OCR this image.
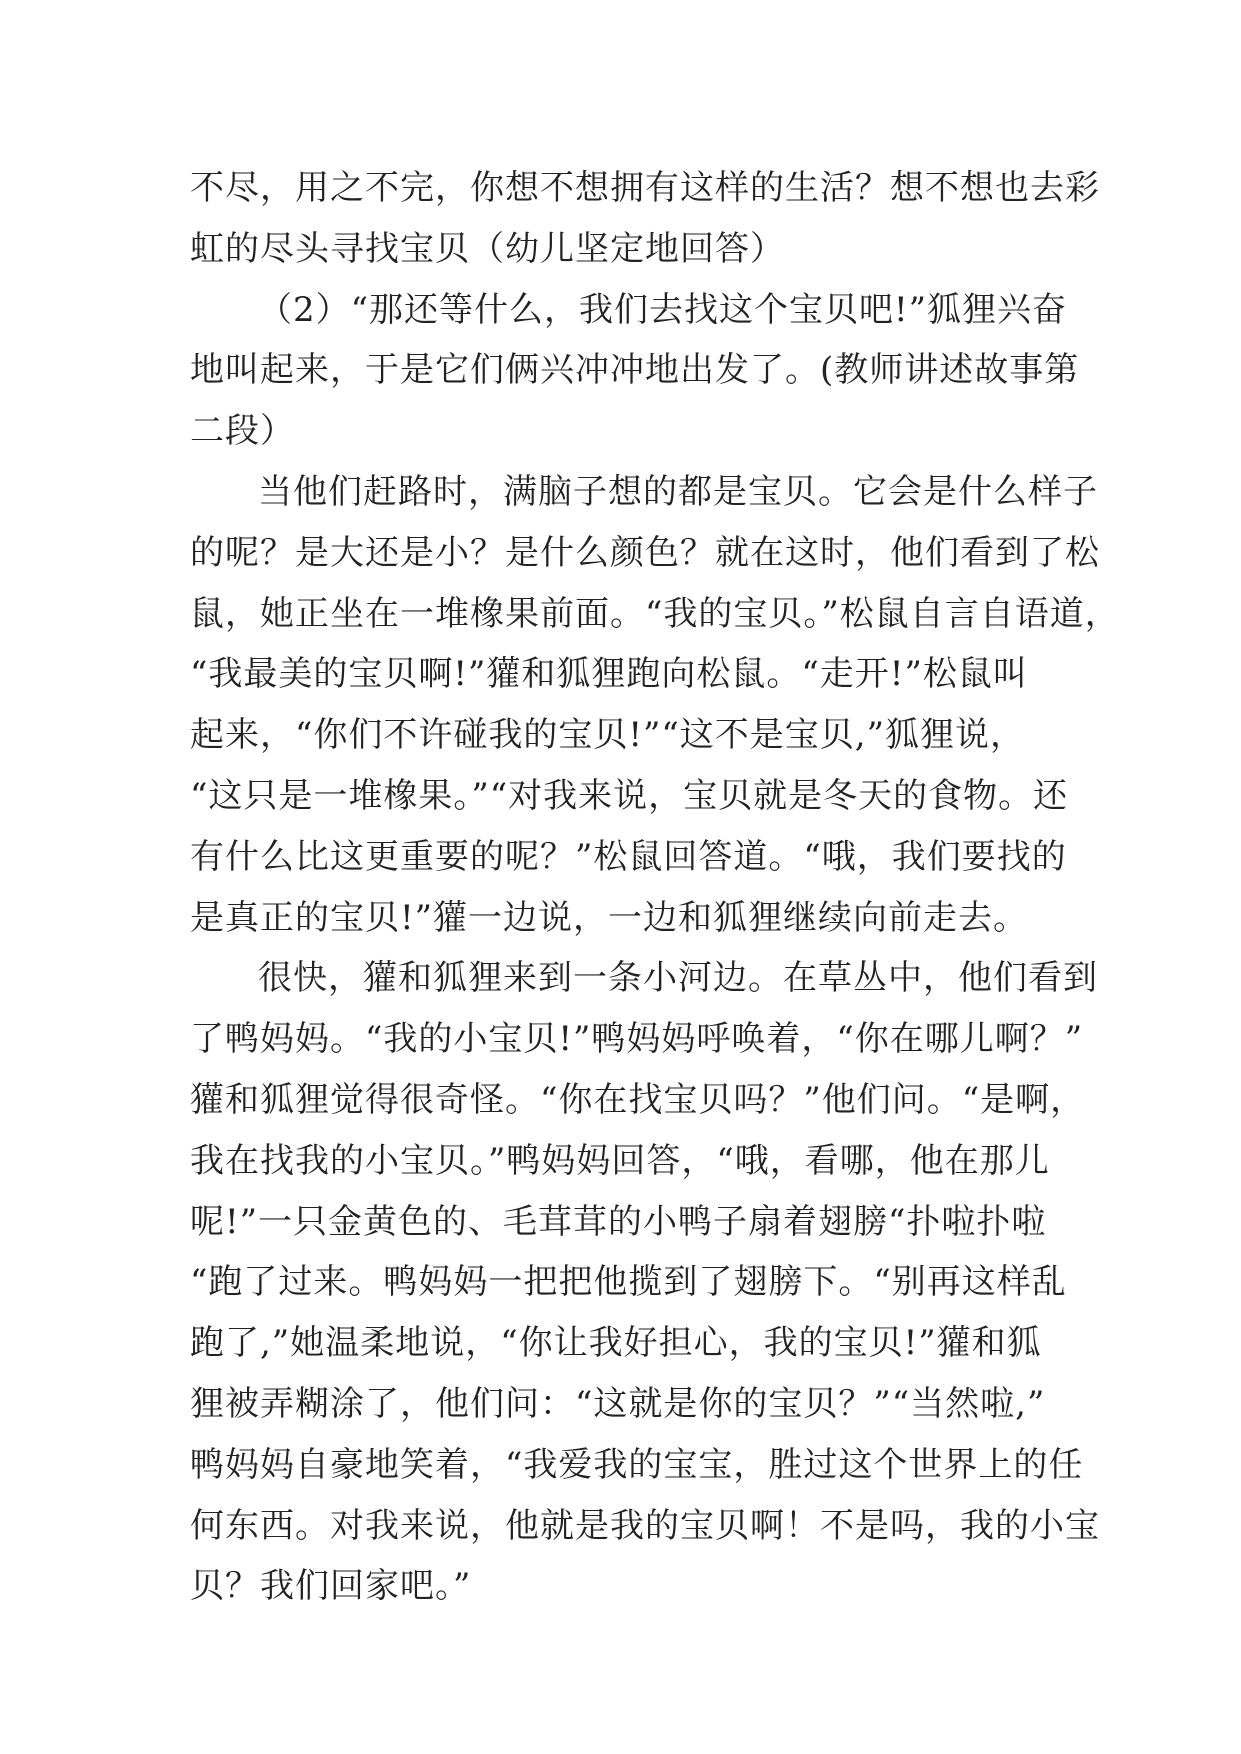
不尽，用之不完，你想不想拥有这样的生活？想不想也去彩
虹的尽头寻找宝贝（幼儿坚定地回答）
（2）“那还等什么，我们去找这个宝贝吧!”狐狸兴奋
地叫起来，于是它们俩兴冲冲地出发了。(教师讲述故事第
二段）
当他们赶路时，满脑子想的都是宝贝。它会是什么样子
的呢？是大还是小？是什么颜色？就在这时，他们看到了松
鼠，她正坐在一堆橡果前面。“我的宝贝。”松鼠自言自语道，
“我最美的宝贝啊!”獾和狐狸跑向松鼠。“走开!”松鼠叫
起来，“你们不许碰我的宝贝!”“这不是宝贝,”狐狸说，
“这只是一堆橡果。”“对我来说，宝贝就是冬天的食物。还
有什么比这更重要的呢？”松鼠回答道。“哦，我们要找的
是真正的宝贝!”獾一边说，一边和狐狸继续向前走去。
很快，獾和狐狸来到一条小河边。在草丛中，他们看到
了鸭妈妈。“我的小宝贝!”鸭妈妈呼唤着，“你在哪儿啊？”
獾和狐狸觉得很奇怪。“你在找宝贝吗？”他们问。“是啊，
我在找我的小宝贝。”鸭妈妈回答，“哦，看哪，他在那儿
呢!”一只金黄色的、毛茸茸的小鸭子扇着翅膀“扑啦扑啦
“跑了过来。鸭妈妈一把把他揽到了翅膀下。“别再这样乱
跑了,”她温柔地说，“你让我好担心，我的宝贝!”獾和狐
狸被弄糊涂了，他们问：“这就是你的宝贝？”“当然啦,”
鸭妈妈自豪地笑着，“我爱我的宝宝，胜过这个世界上的任
何东西。对我来说，他就是我的宝贝啊！不是吗，我的小宝
贝？我们回家吧。”
